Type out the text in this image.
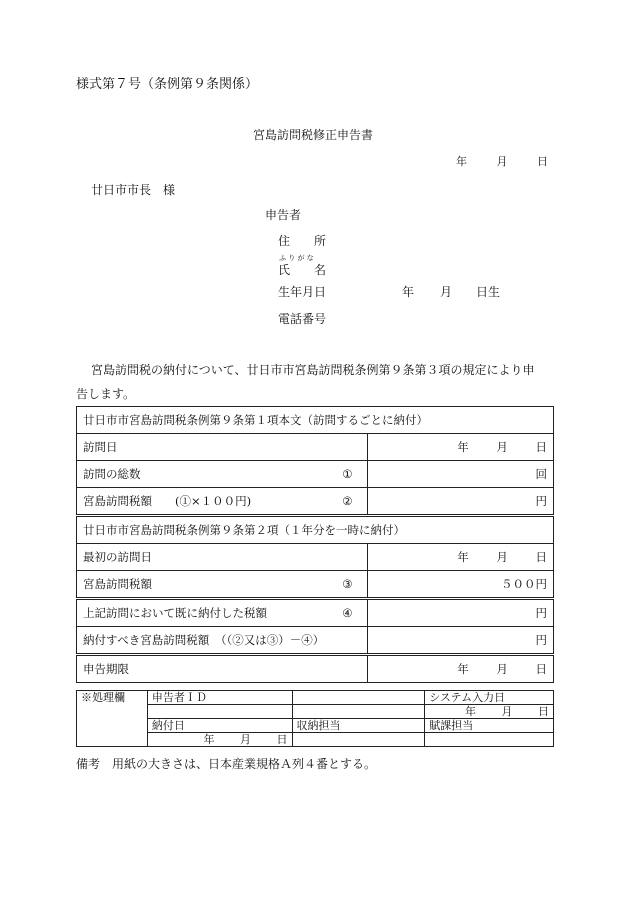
様式第７号（条例第９条関係）
宮島訪問税修正申告書
年	月	日
廿日市市長　様
申告者
住　　所
ふ り が な
氏　　名
生年月日	年 月 日生
電話番号
宮島訪問税の納付について、廿日市市宮島訪問税条例第９条第３項の規定により申
告します。
廿日市市宮島訪問税条例第９条第１項本文（訪問するごとに納付）	
訪問日	年 月 日
訪問の総数 ①	回
宮島訪問税額　　(①×１００円) ②	円
廿日市市宮島訪問税条例第９条第２項（１年分を一時に納付）	
最初の訪問日	年 月 日
宮島訪問税額 ③	５００円
上記訪問において既に納付した税額 ④	円
納付すべき宮島訪問税額　（（②又は③）－④）	円
申告期限	年 月 日
※処理欄	申告者ＩＤ		システム入力日
			年 月 日
	納付日	収納担当	賦課担当
	年 月 日		
備考　用紙の大きさは、日本産業規格Ａ列４番とする。
